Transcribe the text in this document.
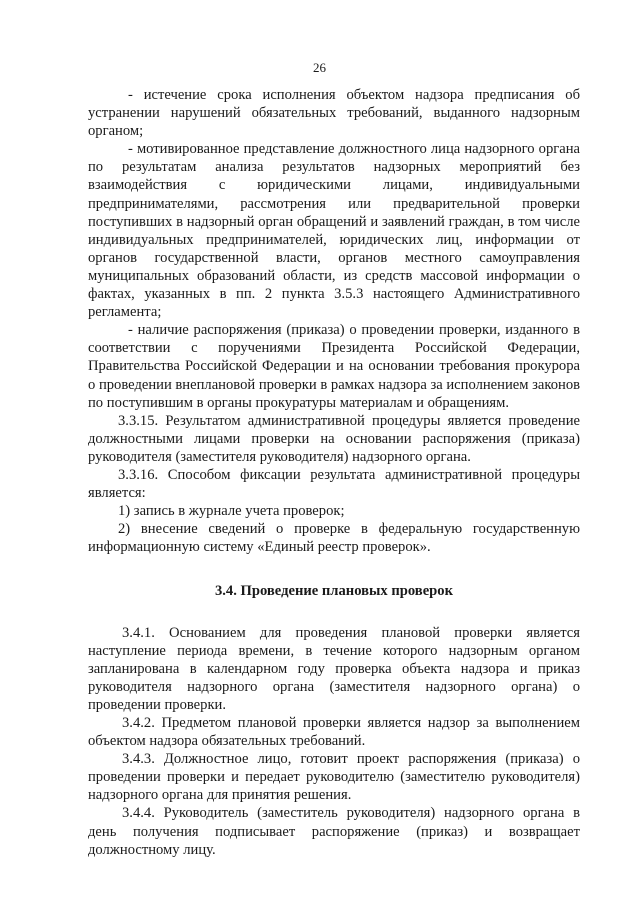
26

- истечение срока исполнения объектом надзора предписания об устранении нарушений обязательных требований, выданного надзорным органом;

- мотивированное представление должностного лица надзорного органа по результатам анализа результатов надзорных мероприятий без взаимодействия с юридическими лицами, индивидуальными предпринимателями, рассмотрения или предварительной проверки поступивших в надзорный орган обращений и заявлений граждан, в том числе индивидуальных предпринимателей, юридических лиц, информации от органов государственной власти, органов местного самоуправления муниципальных образований области, из средств массовой информации о фактах, указанных в пп. 2 пункта 3.5.3 настоящего Административного регламента;

- наличие распоряжения (приказа) о проведении проверки, изданного в соответствии с поручениями Президента Российской Федерации, Правительства Российской Федерации и на основании требования прокурора о проведении внеплановой проверки в рамках надзора за исполнением законов по поступившим в органы прокуратуры материалам и обращениям.

3.3.15. Результатом административной процедуры является проведение должностными лицами проверки на основании распоряжения (приказа) руководителя (заместителя руководителя) надзорного органа.

3.3.16. Способом фиксации результата административной процедуры является:

1) запись в журнале учета проверок;

2) внесение сведений о проверке в федеральную государственную информационную систему «Единый реестр проверок».

3.4. Проведение плановых проверок

3.4.1. Основанием для проведения плановой проверки является наступление периода времени, в течение которого надзорным органом запланирована в календарном году проверка объекта надзора и приказ руководителя надзорного органа (заместителя надзорного органа) о проведении проверки.

3.4.2. Предметом плановой проверки является надзор за выполнением объектом надзора обязательных требований.

3.4.3. Должностное лицо, готовит проект распоряжения (приказа) о проведении проверки и передает руководителю (заместителю руководителя) надзорного органа для принятия решения.

3.4.4. Руководитель (заместитель руководителя) надзорного органа в день получения подписывает распоряжение (приказ) и возвращает должностному лицу.
